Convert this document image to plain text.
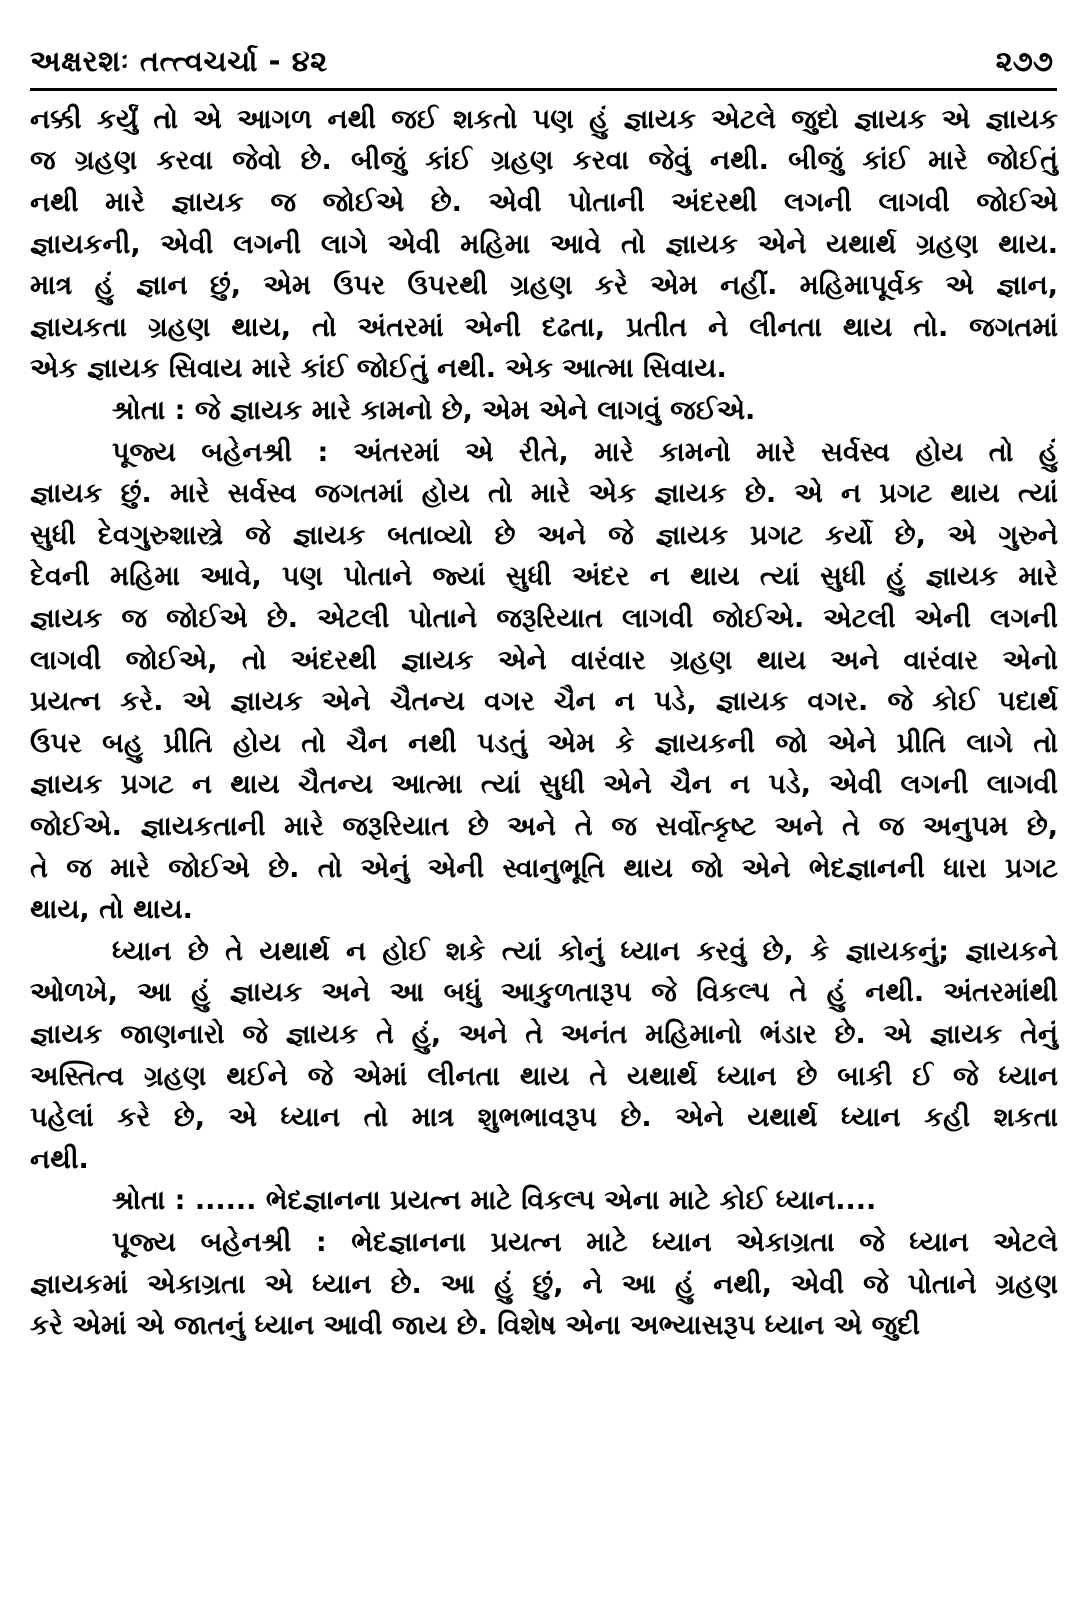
અક્ષરશઃ તત્ત્વચર્ચા - ૪૨	૨૭૭
નક્કી કર્યું તો એ આગળ નથી જઈ શકતો પણ હું જ્ઞાયક એટલે જુદો જ્ઞાયક એ જ્ઞાયક
જ ગ્રહણ કરવા જેવો છે. બીજું કાંઈ ગ્રહણ કરવા જેવું નથી. બીજું કાંઈ મારે જોઈતું
નથી મારે જ્ઞાયક જ જોઈએ છે. એવી પોતાની અંદરથી લગની લાગવી જોઈએ
જ્ઞાયકની, એવી લગની લાગે એવી મહિમા આવે તો જ્ઞાયક એને યથાર્થ ગ્રહણ થાય.
માત્ર હું જ્ઞાન છું, એમ ઉપર ઉપરથી ગ્રહણ કરે એમ નહીં. મહિમાપૂર્વક એ જ્ઞાન,
જ્ઞાયકતા ગ્રહણ થાય, તો અંતરમાં એની દઢતા, પ્રતીત ને લીનતા થાય તો. જગતમાં
એક જ્ઞાયક સિવાય મારે કાંઈ જોઈતું નથી. એક આત્મા સિવાય.
શ્રોતા : જે જ્ઞાયક મારે કામનો છે, એમ એને લાગવું જઈએ.
પૂજ્ય બહેનશ્રી : અંતરમાં એ રીતે, મારે કામનો મારે સર્વસ્વ હોય તો હું
જ્ઞાયક છું. મારે સર્વસ્વ જગતમાં હોય તો મારે એક જ્ઞાયક છે. એ ન પ્રગટ થાય ત્યાં
સુધી દેવગુરુશાસ્ત્રે જે જ્ઞાયક બતાવ્યો છે અને જે જ્ઞાયક પ્રગટ કર્યો છે, એ ગુરુને
દેવની મહિમા આવે, પણ પોતાને જ્યાં સુધી અંદર ન થાય ત્યાં સુધી હું જ્ઞાયક મારે
જ્ઞાયક જ જોઈએ છે. એટલી પોતાને જરૂરિયાત લાગવી જોઈએ. એટલી એની લગની
લાગવી જોઈએ, તો અંદરથી જ્ઞાયક એને વારંવાર ગ્રહણ થાય અને વારંવાર એનો
પ્રયત્ન કરે. એ જ્ઞાયક એને ચૈતન્ય વગર ચૈન ન પડે, જ્ઞાયક વગર. જે કોઈ પદાર્થ
ઉપર બહુ પ્રીતિ હોય તો ચૈન નથી પડતું એમ કે જ્ઞાયકની જો એને પ્રીતિ લાગે તો
જ્ઞાયક પ્રગટ ન થાય ચૈતન્ય આત્મા ત્યાં સુધી એને ચૈન ન પડે, એવી લગની લાગવી
જોઈએ. જ્ઞાયકતાની મારે જરૂરિયાત છે અને તે જ સર્વોત્કૃષ્ટ અને તે જ અનુપમ છે,
તે જ મારે જોઈએ છે. તો એનું એની સ્વાનુભૂતિ થાય જો એને ભેદજ્ઞાનની ધારા પ્રગટ
થાય, તો થાય.
ધ્યાન છે તે યથાર્થ ન હોઈ શકે ત્યાં કોનું ધ્યાન કરવું છે, કે જ્ઞાયકનું; જ્ઞાયકને
ઓળખે, આ હું જ્ઞાયક અને આ બધું આકુળતારૂપ જે વિકલ્પ તે હું નથી. અંતરમાંથી
જ્ઞાયક જાણનારો જે જ્ઞાયક તે હું, અને તે અનંત મહિમાનો ભંડાર છે. એ જ્ઞાયક તેનું
અસ્તિત્વ ગ્રહણ થઈને જે એમાં લીનતા થાય તે યથાર્થ ધ્યાન છે બાકી ઈ જે ધ્યાન
પહેલાં કરે છે, એ ધ્યાન તો માત્ર શુભભાવરૂપ છે. એને યથાર્થ ધ્યાન કહી શકતા
નથી.
શ્રોતા : ...... ભેદજ્ઞાનના પ્રયત્ન માટે વિકલ્પ એના માટે કોઈ ધ્યાન....
પૂજ્ય બહેનશ્રી : ભેદજ્ઞાનના પ્રયત્ન માટે ધ્યાન એકાગ્રતા જે ધ્યાન એટલે
જ્ઞાયકમાં એકાગ્રતા એ ધ્યાન છે. આ હું છું, ને આ હું નથી, એવી જે પોતાને ગ્રહણ
કરે એમાં એ જાતનું ધ્યાન આવી જાય છે. વિશેષ એના અભ્યાસરૂપ ધ્યાન એ જુદી
